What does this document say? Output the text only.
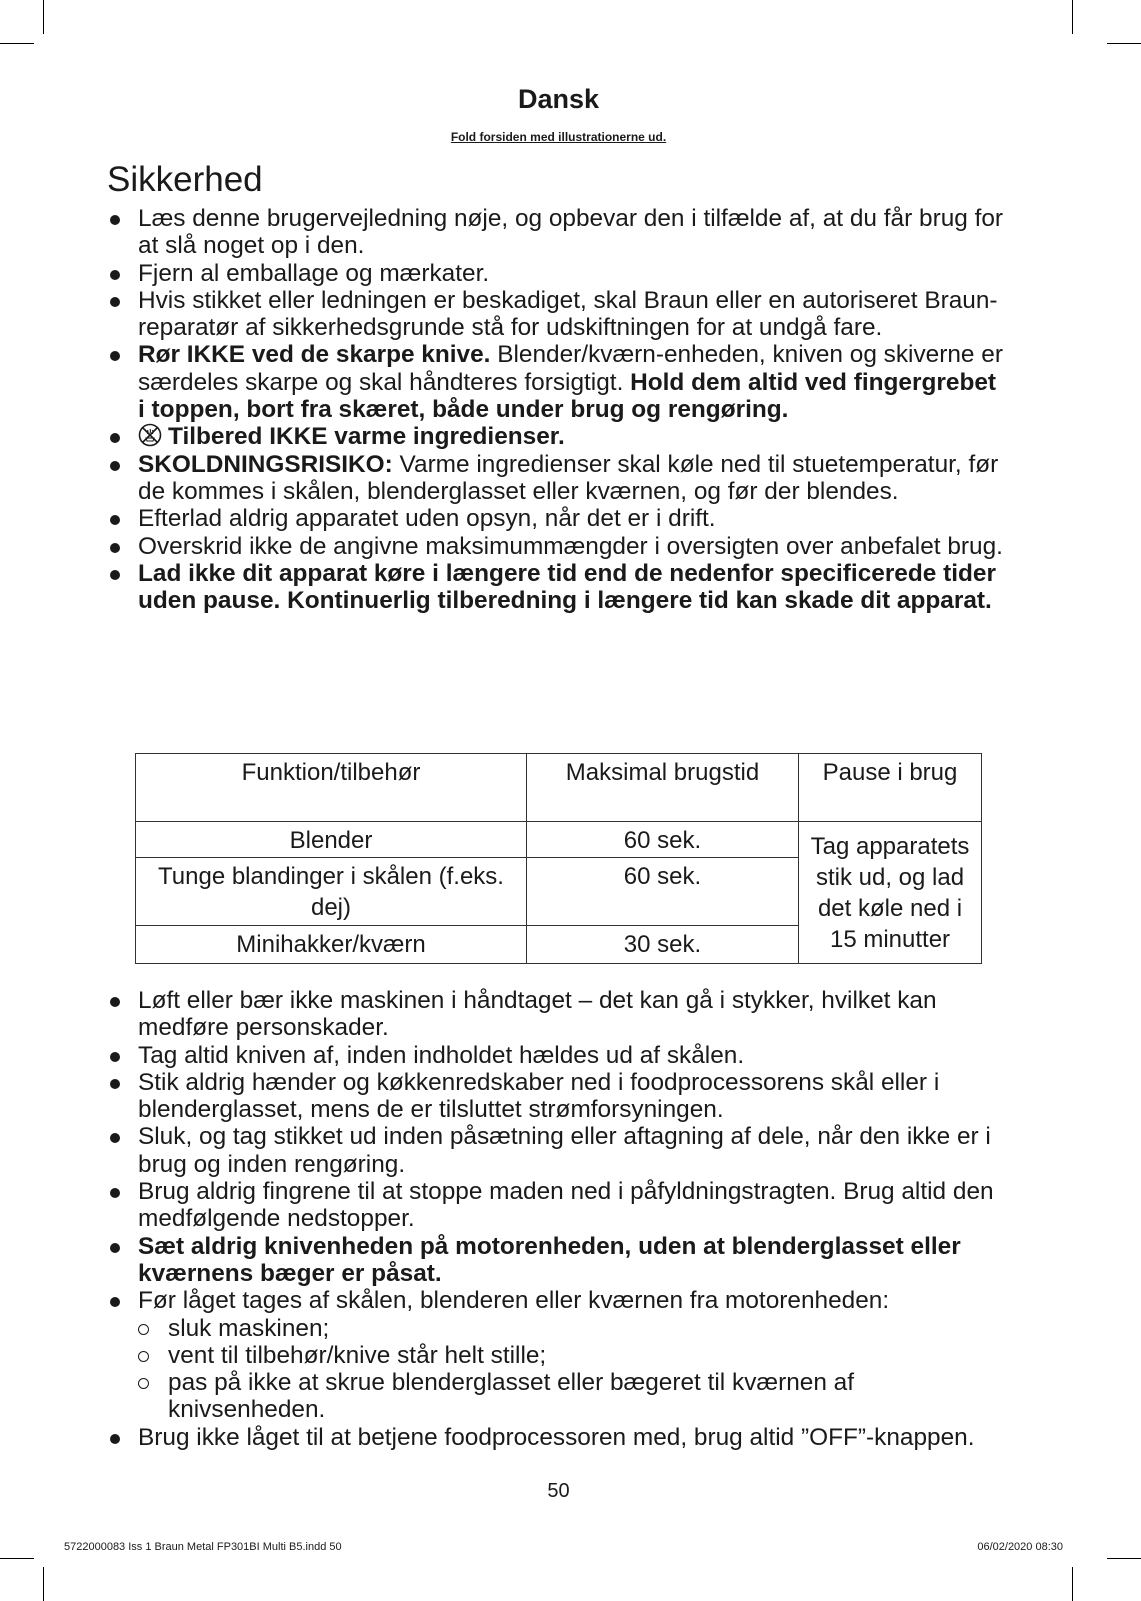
Dansk
Fold forsiden med illustrationerne ud.
Sikkerhed
Læs denne brugervejledning nøje, og opbevar den i tilfælde af, at du får brug for at slå noget op i den.
Fjern al emballage og mærkater.
Hvis stikket eller ledningen er beskadiget, skal Braun eller en autoriseret Braun-reparatør af sikkerhedsgrunde stå for udskiftningen for at undgå fare.
Rør IKKE ved de skarpe knive. Blender/kværn-enheden, kniven og skiverne er særdeles skarpe og skal håndteres forsigtigt. Hold dem altid ved fingergrebet i toppen, bort fra skæret, både under brug og rengøring.
Tilbered IKKE varme ingredienser.
SKOLDNINGSRISIKO: Varme ingredienser skal køle ned til stuetemperatur, før de kommes i skålen, blenderglasset eller kværnen, og før der blendes.
Efterlad aldrig apparatet uden opsyn, når det er i drift.
Overskrid ikke de angivne maksimummængder i oversigten over anbefalet brug.
Lad ikke dit apparat køre i længere tid end de nedenfor specificerede tider uden pause. Kontinuerlig tilberedning i længere tid kan skade dit apparat.
Funktion/tilbehør	Maksimal brugstid	Pause i brug
Blender	60 sek.	Tag apparatets stik ud, og lad det køle ned i 15 minutter
Tunge blandinger i skålen (f.eks. dej)	60 sek.	
Minihakker/kværn	30 sek.	
Løft eller bær ikke maskinen i håndtaget – det kan gå i stykker, hvilket kan medføre personskader.
Tag altid kniven af, inden indholdet hældes ud af skålen.
Stik aldrig hænder og køkkenredskaber ned i foodprocessorens skål eller i blenderglasset, mens de er tilsluttet strømforsyningen.
Sluk, og tag stikket ud inden påsætning eller aftagning af dele, når den ikke er i brug og inden rengøring.
Brug aldrig fingrene til at stoppe maden ned i påfyldningstragten. Brug altid den medfølgende nedstopper.
Sæt aldrig knivenheden på motorenheden, uden at blenderglasset eller kværnens bæger er påsat.
Før låget tages af skålen, blenderen eller kværnen fra motorenheden:
sluk maskinen;
vent til tilbehør/knive står helt stille;
pas på ikke at skrue blenderglasset eller bægeret til kværnen af knivsenheden.
Brug ikke låget til at betjene foodprocessoren med, brug altid ”OFF”-knappen.
50
5722000083 Iss 1 Braun Metal FP301BI Multi B5.indd 50	06/02/2020 08:30
